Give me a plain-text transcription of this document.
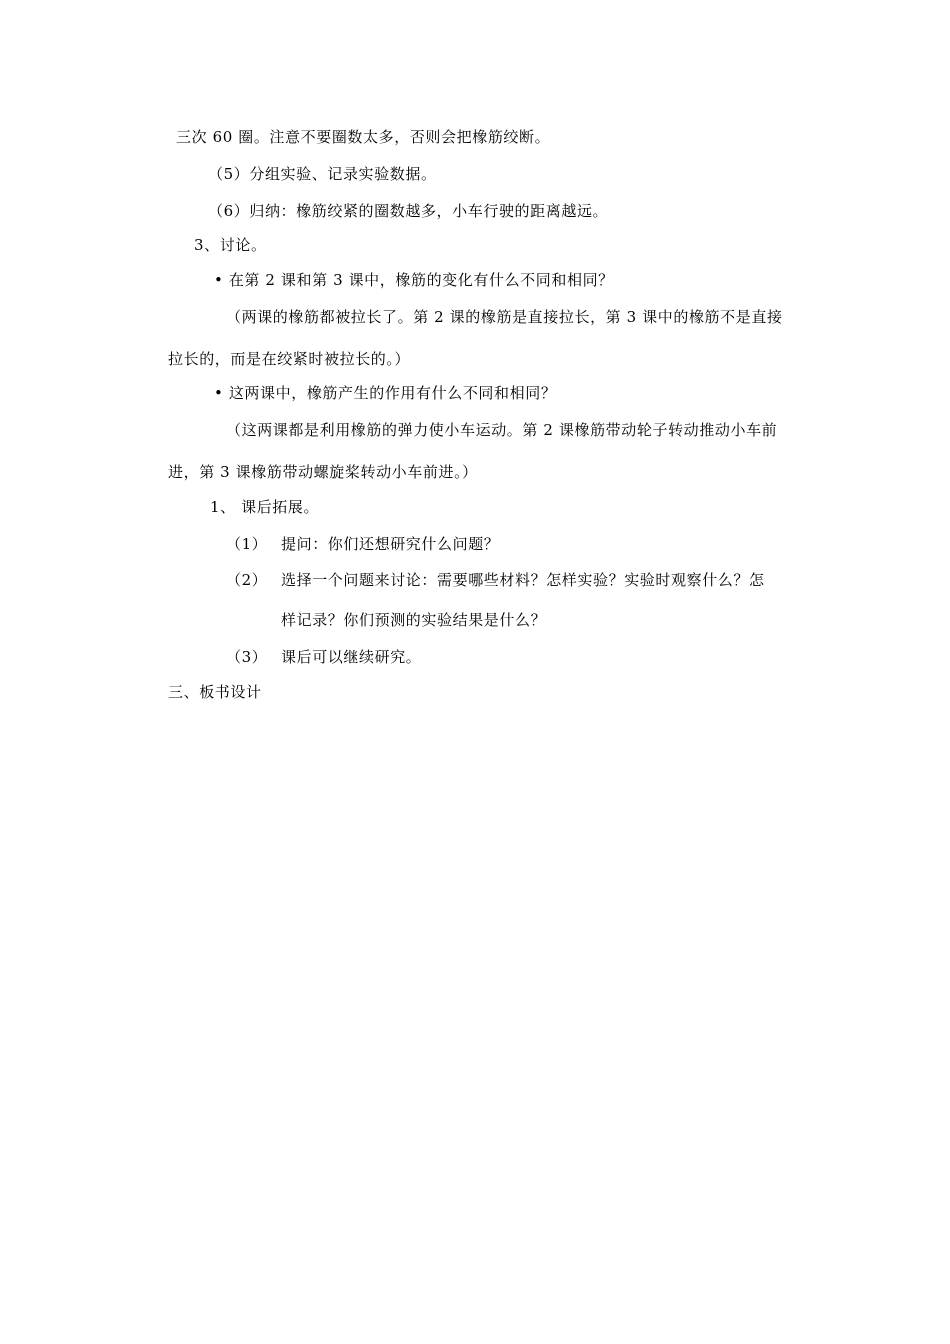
三次 60 圈。注意不要圈数太多，否则会把橡筋绞断。
（5）分组实验、记录实验数据。
（6）归纳：橡筋绞紧的圈数越多，小车行驶的距离越远。
3、讨论。
• 在第 2 课和第 3 课中，橡筋的变化有什么不同和相同？
（两课的橡筋都被拉长了。第 2 课的橡筋是直接拉长，第 3 课中的橡筋不是直接
拉长的，而是在绞紧时被拉长的。）
• 这两课中，橡筋产生的作用有什么不同和相同？
（这两课都是利用橡筋的弹力使小车运动。第 2 课橡筋带动轮子转动推动小车前
进，第 3 课橡筋带动螺旋桨转动小车前进。）
1、 课后拓展。
（1） 提问：你们还想研究什么问题？
（2） 选择一个问题来讨论：需要哪些材料？怎样实验？实验时观察什么？怎
样记录？你们预测的实验结果是什么？
（3） 课后可以继续研究。
三、板书设计
